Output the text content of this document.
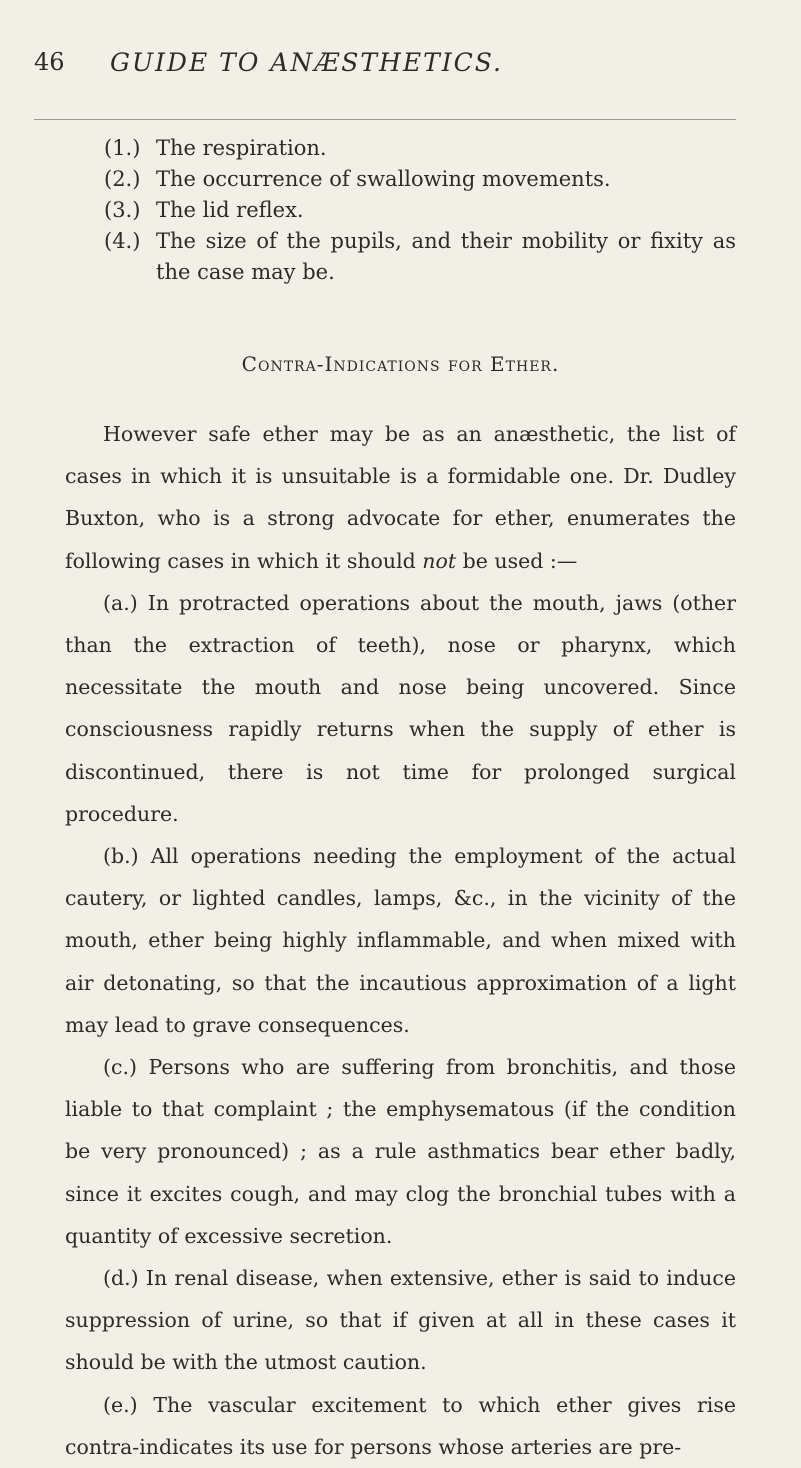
46 GUIDE TO ANÆSTHETICS.
(1.) The respiration.
(2.) The occurrence of swallowing movements.
(3.) The lid reflex.
(4.) The size of the pupils, and their mobility or fixity as the case may be.
Contra-Indications for Ether.

However safe ether may be as an anæsthetic, the list of cases in which it is unsuitable is a formidable one. Dr. Dudley Buxton, who is a strong advocate for ether, enumerates the following cases in which it should not be used :—

(a.) In protracted operations about the mouth, jaws (other than the extraction of teeth), nose or pharynx, which necessitate the mouth and nose being uncovered. Since consciousness rapidly returns when the supply of ether is discontinued, there is not time for prolonged surgical procedure.

(b.) All operations needing the employment of the actual cautery, or lighted candles, lamps, &c., in the vicinity of the mouth, ether being highly inflammable, and when mixed with air detonating, so that the incautious approximation of a light may lead to grave consequences.

(c.) Persons who are suffering from bronchitis, and those liable to that complaint ; the emphysematous (if the condition be very pronounced) ; as a rule asthmatics bear ether badly, since it excites cough, and may clog the bronchial tubes with a quantity of excessive secretion.

(d.) In renal disease, when extensive, ether is said to induce suppression of urine, so that if given at all in these cases it should be with the utmost caution.

(e.) The vascular excitement to which ether gives rise contra-indicates its use for persons whose arteries are pre-
